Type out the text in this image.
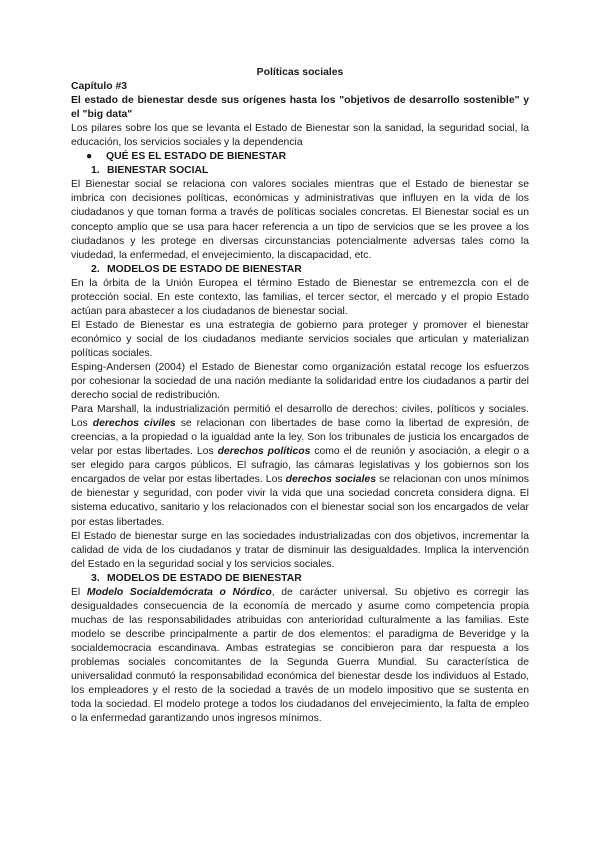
Políticas sociales

Capítulo #3

El estado de bienestar desde sus orígenes hasta los "objetivos de desarrollo sostenible" y el "big data"

Los pilares sobre los que se levanta el Estado de Bienestar son la sanidad, la seguridad social, la educación, los servicios sociales y la dependencia

● QUÉ ES EL ESTADO DE BIENESTAR
1. BIENESTAR SOCIAL

El Bienestar social se relaciona con valores sociales mientras que el Estado de bienestar se imbrica con decisiones políticas, económicas y administrativas que influyen en la vida de los ciudadanos y que toman forma a través de políticas sociales concretas. El Bienestar social es un concepto amplio que se usa para hacer referencia a un tipo de servicios que se les provee a los ciudadanos y les protege en diversas circunstancias potencialmente adversas tales como la viudedad, la enfermedad, el envejecimiento, la discapacidad, etc.

2. MODELOS DE ESTADO DE BIENESTAR

En la órbita de la Unión Europea el término Estado de Bienestar se entremezcla con el de protección social. En este contexto, las familias, el tercer sector, el mercado y el propio Estado actúan para abastecer a los ciudadanos de bienestar social.

El Estado de Bienestar es una estrategia de gobierno para proteger y promover el bienestar económico y social de los ciudadanos mediante servicios sociales que articulan y materializan políticas sociales.

Esping-Andersen (2004) el Estado de Bienestar como organización estatal recoge los esfuerzos por cohesionar la sociedad de una nación mediante la solidaridad entre los ciudadanos a partir del derecho social de redistribución.

Para Marshall, la industrialización permitió el desarrollo de derechos: civiles, políticos y sociales. Los derechos civiles se relacionan con libertades de base como la libertad de expresión, de creencias, a la propiedad o la igualdad ante la ley. Son los tribunales de justicia los encargados de velar por estas libertades. Los derechos políticos como el de reunión y asociación, a elegir o a ser elegido para cargos públicos. El sufragio, las cámaras legislativas y los gobiernos son los encargados de velar por estas libertades. Los derechos sociales se relacionan con unos mínimos de bienestar y seguridad, con poder vivir la vida que una sociedad concreta considera digna. El sistema educativo, sanitario y los relacionados con el bienestar social son los encargados de velar por estas libertades.

El Estado de bienestar surge en las sociedades industrializadas con dos objetivos, incrementar la calidad de vida de los ciudadanos y tratar de disminuir las desigualdades. Implica la intervención del Estado en la seguridad social y los servicios sociales.

3. MODELOS DE ESTADO DE BIENESTAR

El Modelo Socialdemócrata o Nórdico, de carácter universal. Su objetivo es corregir las desigualdades consecuencia de la economía de mercado y asume como competencia propia muchas de las responsabilidades atribuidas con anterioridad culturalmente a las familias. Este modelo se describe principalmente a partir de dos elementos: el paradigma de Beveridge y la socialdemocracia escandinava. Ambas estrategias se concibieron para dar respuesta a los problemas sociales concomitantes de la Segunda Guerra Mundial. Su característica de universalidad conmutó la responsabilidad económica del bienestar desde los individuos al Estado, los empleadores y el resto de la sociedad a través de un modelo impositivo que se sustenta en toda la sociedad. El modelo protege a todos los ciudadanos del envejecimiento, la falta de empleo o la enfermedad garantizando unos ingresos mínimos.
